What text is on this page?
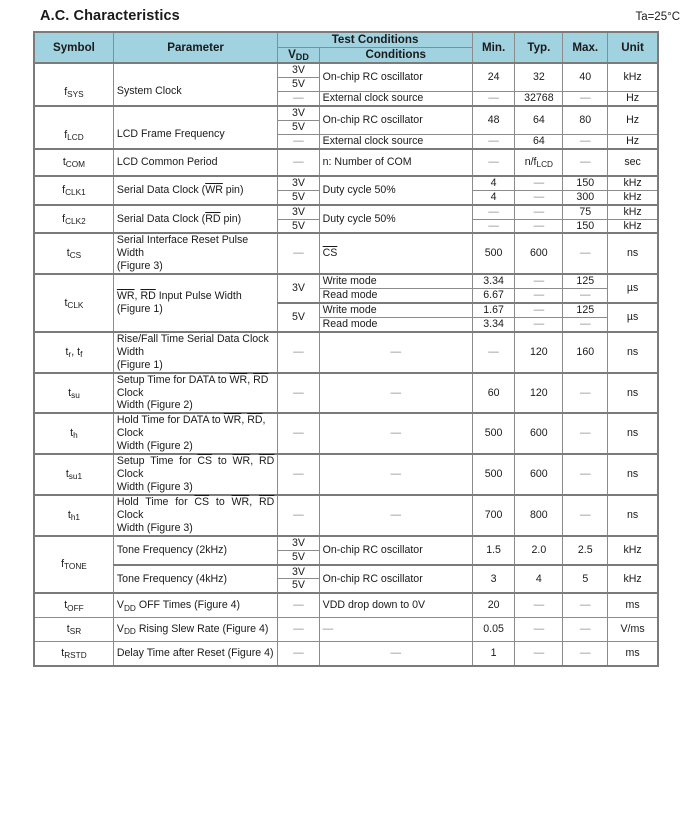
A.C. Characteristics	Ta=25°C
Symbol	Parameter	Test Conditions		Min.	Typ.	Max.	Unit
		$V_{DD}$	Conditions				
$f_{SYS}$	System Clock	3V	On-chip RC oscillator	24	32	40	kHz
		5V					
		—	External clock source	—	32768	—	Hz
$f_{LCD}$	LCD Frame Frequency	3V	On-chip RC oscillator	48	64	80	Hz
		5V					
		—	External clock source	—	64	—	Hz
$t_{COM}$	LCD Common Period	—	n: Number of COM	—	$n/f_{LCD}$	—	sec
$f_{CLK1}$	Serial Data Clock ($\overline{WR}$ pin)	3V	Duty cycle 50%	4	—	150	kHz
		5V		4	—	300	kHz
$f_{CLK2}$	Serial Data Clock ($\overline{RD}$ pin)	3V	Duty cycle 50%	—	—	75	kHz
		5V		—	—	150	kHz
$t_{CS}$	Serial Interface Reset Pulse Width
(Figure 3)	—	$\overline{CS}$	500	600	—	ns
$t_{CLK}$	$\overline{WR}$, $\overline{RD}$ Input Pulse Width (Figure 1)	3V	Write mode	3.34	—	125	µs
			Read mode	6.67	—	—	
		5V	Write mode	1.67	—	125	µs
			Read mode	3.34	—	—	
$t_r$, $t_f$	Rise/Fall Time Serial Data Clock Width
(Figure 1)	—	—	—	120	160	ns
$t_{su}$	Setup Time for DATA to $\overline{WR}$, $\overline{RD}$ Clock
Width (Figure 2)	—	—	60	120	—	ns
$t_h$	Hold Time for DATA to $\overline{WR}$, $\overline{RD}$, Clock
Width (Figure 2)	—	—	500	600	—	ns
$t_{su1}$	Setup Time for $\overline{CS}$ to $\overline{WR}$, $\overline{RD}$ Clock

Width (Figure 3)	—	—	500	600	—	ns
$t_{h1}$	Hold Time for $\overline{CS}$ to $\overline{WR}$, $\overline{RD}$ Clock

Width (Figure 3)	—	—	700	800	—	ns
$f_{TONE}$	Tone Frequency (2kHz)	3V	On-chip RC oscillator	1.5	2.0	2.5	kHz
		5V					
	Tone Frequency (4kHz)	3V	On-chip RC oscillator	3	4	5	kHz
		5V					
$t_{OFF}$	$V_{DD}$ OFF Times (Figure 4)	—	VDD drop down to 0V	20	—	—	ms
$t_{SR}$	$V_{DD}$ Rising Slew Rate (Figure 4)	—	—	0.05	—	—	V/ms
$t_{RSTD}$	Delay Time after Reset (Figure 4)	—	—	1	—	—	ms
